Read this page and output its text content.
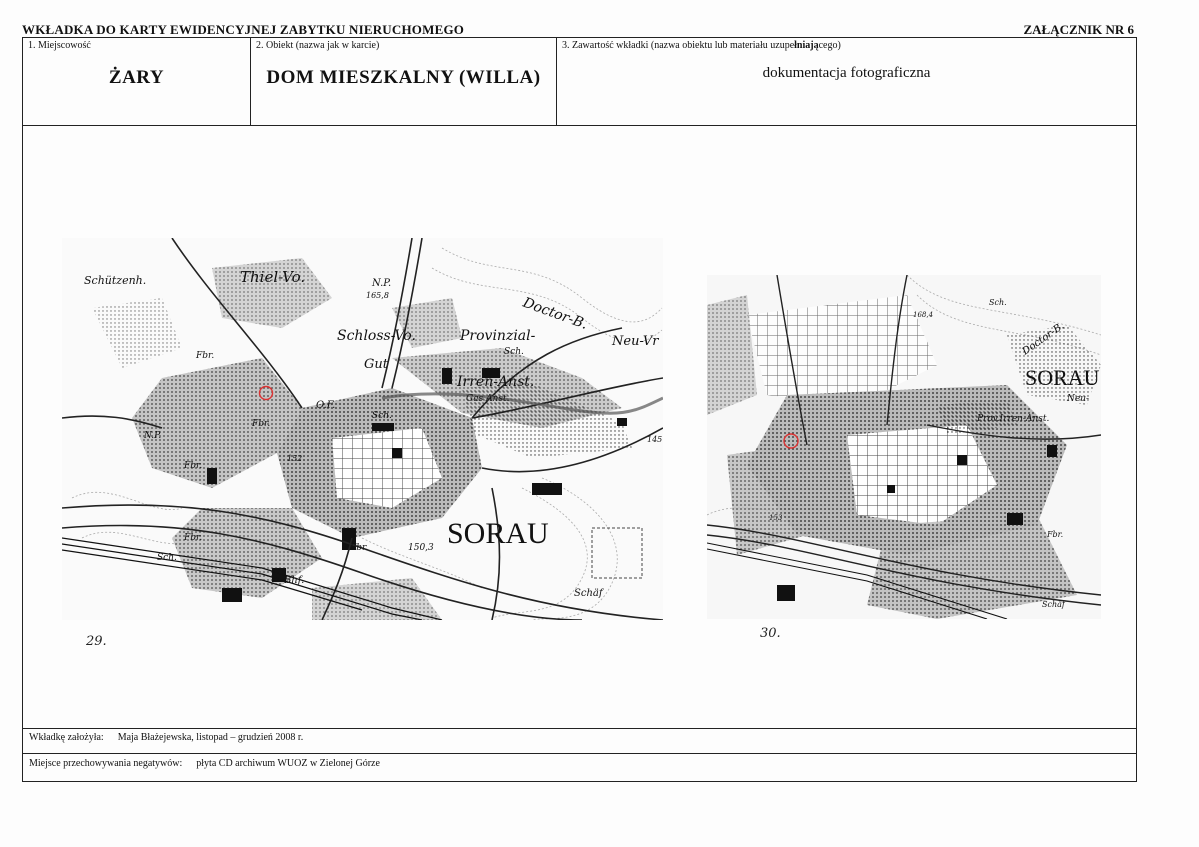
WKŁADKA DO KARTY EWIDENCYJNEJ ZABYTKU NIERUCHOMEGO	ZAŁĄCZNIK NR 6
1. Miejscowość
ŻARY
2. Obiekt (nazwa jak w karcie)
DOM MIESZKALNY (WILLA)
3. Zawartość wkładki (nazwa obiektu lub materiału uzupełniającego)
dokumentacja fotograficzna
Wkładkę założyła: Maja Błażejewska, listopad – grudzień 2008 r.
Miejsce przechowywania negatywów: płyta CD archiwum WUOZ w Zielonej Górze
Schützenh.	Thiel-Vo.	N.P.
165,8	Doctor-B.
Schloss-Vo.	Provinzial-
Sch.
Neu-Vr
Gut
Irren-Anst.
Gas Anst.
O.F.
Fbr.
Fbr.
Fbr.
N.P.
Sch.
Sch.
Fbr.
Fbr.
Bhf.
150,3 SORAU
Schäf
145
152
SORAU
Doctor-B.
Neu-
Prov.Irren-Anst.
Sch.
168,4
153
Fbr.
Schäf
29.
30.
